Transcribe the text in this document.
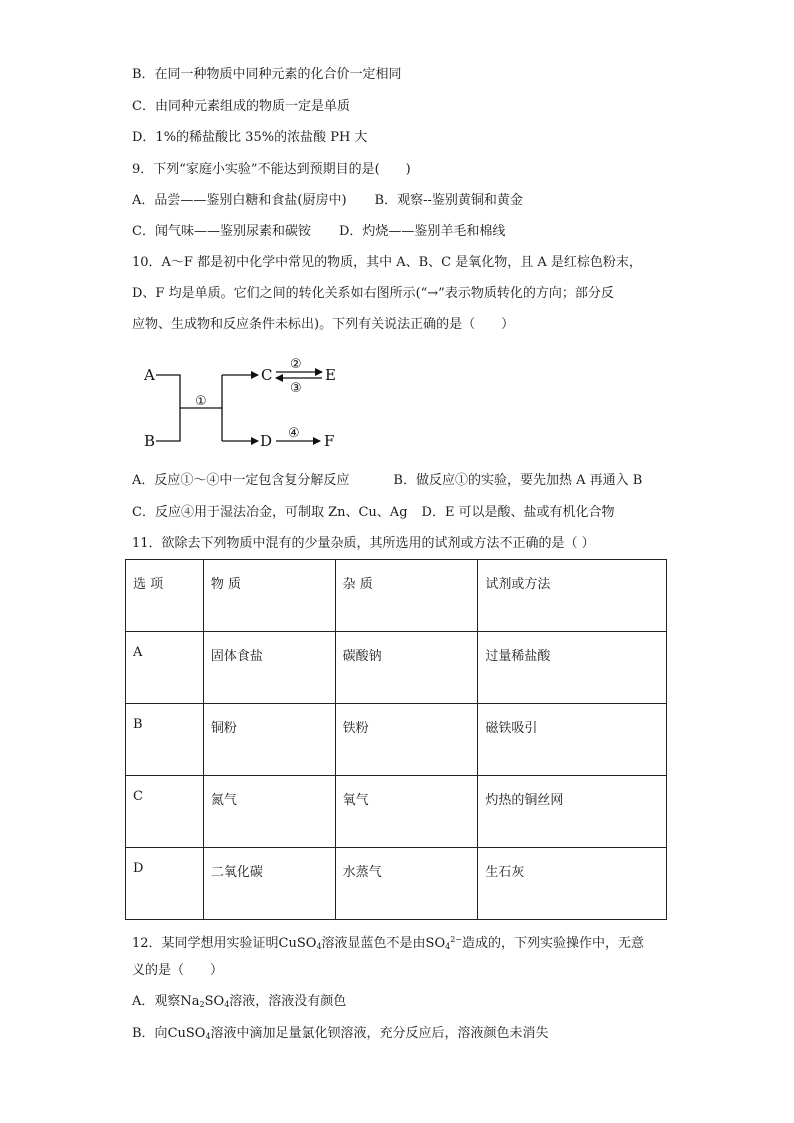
B．在同一种物质中同种元素的化合价一定相同
C．由同种元素组成的物质一定是单质
D．1%的稀盐酸比 35%的浓盐酸 PH 大
9．下列“家庭小实验”不能达到预期目的是(　　)
A．品尝——鉴别白糖和食盐(厨房中) B．观察--鉴别黄铜和黄金
C．闻气味——鉴别尿素和碳铵 D．灼烧——鉴别羊毛和棉线
10．A～F 都是初中化学中常见的物质，其中 A、B、C 是氧化物，且 A 是红棕色粉末，
D、F 均是单质。它们之间的转化关系如右图所示(“→”表示物质转化的方向；部分反
应物、生成物和反应条件未标出)。下列有关说法正确的是（　　）
A
B
①
C
D
②
③
E
④ F
A．反应①～④中一定包含复分解反应	B．做反应①的实验，要先加热 A 再通入 B
C．反应④用于湿法冶金，可制取 Zn、Cu、Ag D．E 可以是酸、盐或有机化合物
11．欲除去下列物质中混有的少量杂质，其所选用的试剂或方法不正确的是（ ）
选 项	物 质	杂 质	试剂或方法
A	固体食盐	碳酸钠	过量稀盐酸
B	铜粉	铁粉	磁铁吸引
C	氮气	氧气	灼热的铜丝网
D	二氧化碳	水蒸气	生石灰
12．某同学想用实验证明CuSO$_4$溶液显蓝色不是由$SO_4^{2-}$造成的，下列实验操作中，无意
义的是（　　）
A．观察$Na_2SO_4$溶液，溶液没有颜色
B．向CuSO$_4$溶液中滴加足量氯化钡溶液，充分反应后，溶液颜色未消失
